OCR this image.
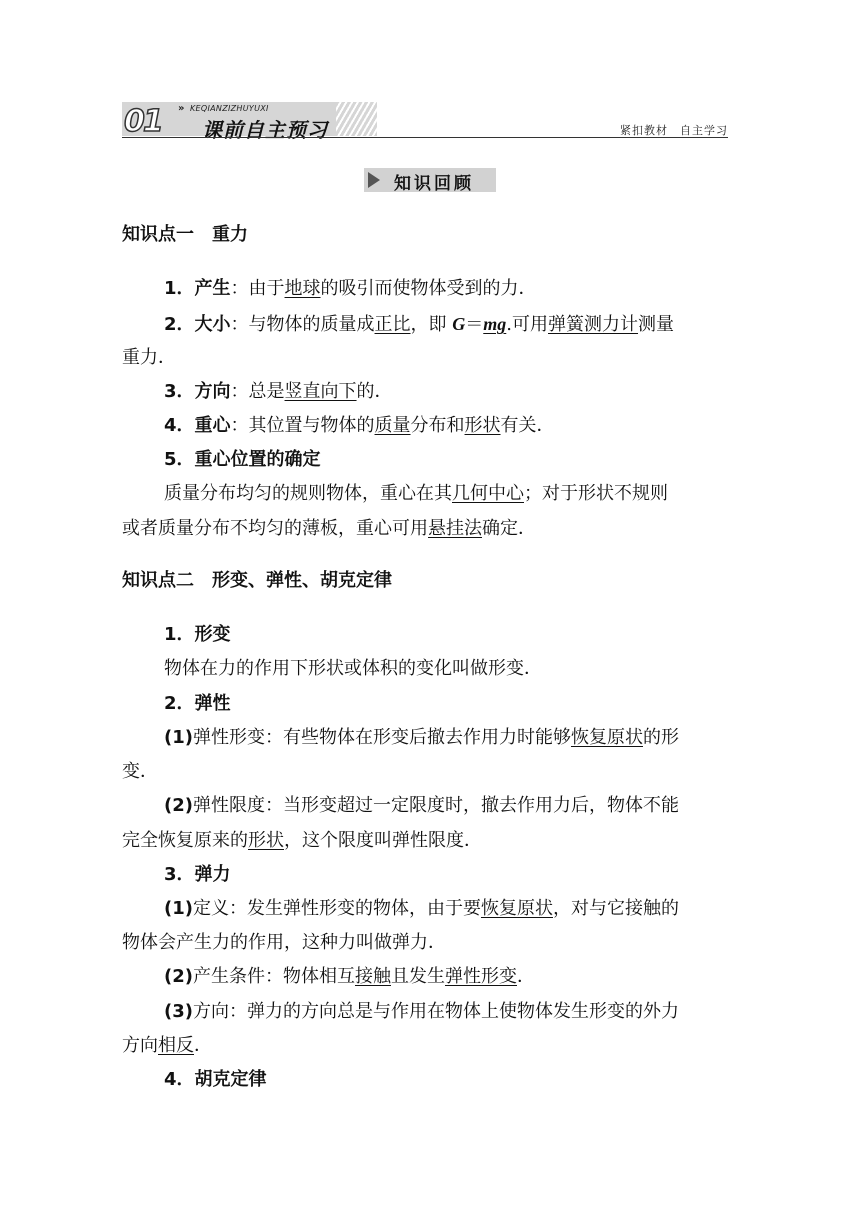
01 » KEQIANZIZHUYUXI
课前自主预习	紧扣教材　自主学习
知识回顾
知识点一　重力
1．产生：由于地球的吸引而使物体受到的力．
2．大小：与物体的质量成正比，即 G＝mg.可用弹簧测力计测量
重力．
3．方向：总是竖直向下的．
4．重心：其位置与物体的质量分布和形状有关．
5．重心位置的确定
质量分布均匀的规则物体，重心在其几何中心；对于形状不规则
或者质量分布不均匀的薄板，重心可用悬挂法确定．
知识点二　形变、弹性、胡克定律
1．形变
物体在力的作用下形状或体积的变化叫做形变．
2．弹性
(1)弹性形变：有些物体在形变后撤去作用力时能够恢复原状的形
变．
(2)弹性限度：当形变超过一定限度时，撤去作用力后，物体不能
完全恢复原来的形状，这个限度叫弹性限度．
3．弹力
(1)定义：发生弹性形变的物体，由于要恢复原状，对与它接触的
物体会产生力的作用，这种力叫做弹力．
(2)产生条件：物体相互接触且发生弹性形变．
(3)方向：弹力的方向总是与作用在物体上使物体发生形变的外力
方向相反．
4．胡克定律
